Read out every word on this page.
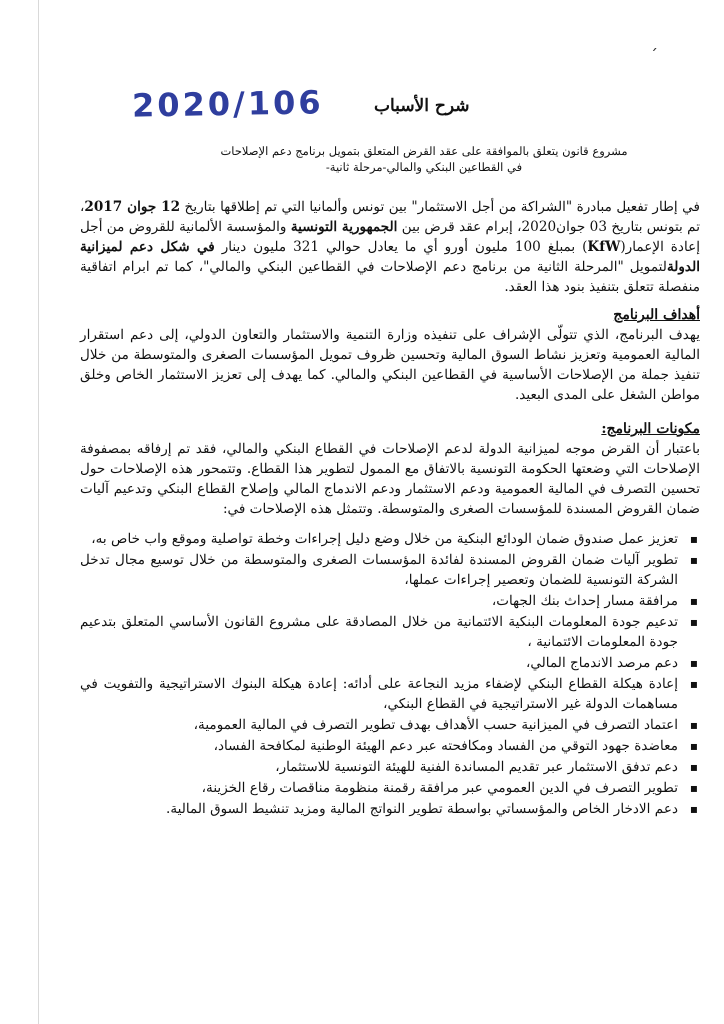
2020/106	شرح الأسباب
׳
مشروع قانون يتعلق بالموافقة على عقد القرض المتعلق بتمويل برنامج دعم الإصلاحات
في القطاعين البنكي والمالي-مرحلة ثانية-

في إطار تفعيل مبادرة "الشراكة من أجل الاستثمار" بين تونس وألمانيا التي تم إطلاقها بتاريخ 12 جوان 2017، تم بتونس بتاريخ 03 جوان2020، إبرام عقد قرض بين الجمهورية التونسية والمؤسسة الألمانية للقروض من أجل إعادة الإعمار(KfW) بمبلغ 100 مليون أورو أي ما يعادل حوالي 321 مليون دينار في شكل دعم لميزانية الدولةلتمويل "المرحلة الثانية من برنامج دعم الإصلاحات في القطاعين البنكي والمالي"، كما تم ابرام اتفاقية منفصلة تتعلق بتنفيذ بنود هذا العقد.

أهداف البرنامج

يهدف البرنامج، الذي تتولّى الإشراف على تنفيذه وزارة التنمية والاستثمار والتعاون الدولي، إلى دعم استقرار المالية العمومية وتعزيز نشاط السوق المالية وتحسين ظروف تمويل المؤسسات الصغرى والمتوسطة من خلال تنفيذ جملة من الإصلاحات الأساسية في القطاعين البنكي والمالي. كما يهدف إلى تعزيز الاستثمار الخاص وخلق مواطن الشغل على المدى البعيد.

مكونات البرنامج:

باعتبار أن القرض موجه لميزانية الدولة لدعم الإصلاحات في القطاع البنكي والمالي، فقد تم إرفاقه بمصفوفة الإصلاحات التي وضعتها الحكومة التونسية بالاتفاق مع الممول لتطوير هذا القطاع. وتتمحور هذه الإصلاحات حول تحسين التصرف في المالية العمومية ودعم الاستثمار ودعم الاندماج المالي وإصلاح القطاع البنكي وتدعيم آليات ضمان القروض المسندة للمؤسسات الصغرى والمتوسطة. وتتمثل هذه الإصلاحات في:

▪ تعزيز عمل صندوق ضمان الودائع البنكية من خلال وضع دليل إجراءات وخطة تواصلية وموقع واب خاص به،
▪ تطوير آليات ضمان القروض المسندة لفائدة المؤسسات الصغرى والمتوسطة من خلال توسيع مجال تدخل الشركة التونسية للضمان وتعصير إجراءات عملها،
▪ مرافقة مسار إحداث بنك الجهات،
▪ تدعيم جودة المعلومات البنكية الائتمانية من خلال المصادقة على مشروع القانون الأساسي المتعلق بتدعيم جودة المعلومات الائتمانية ،
▪ دعم مرصد الاندماج المالي،
▪ إعادة هيكلة القطاع البنكي لإضفاء مزيد النجاعة على أدائه: إعادة هيكلة البنوك الاستراتيجية والتفويت في مساهمات الدولة غير الاستراتيجية في القطاع البنكي،
▪ اعتماد التصرف في الميزانية حسب الأهداف بهدف تطوير التصرف في المالية العمومية،
▪ معاضدة جهود التوقي من الفساد ومكافحته عبر دعم الهيئة الوطنية لمكافحة الفساد،
▪ دعم تدفق الاستثمار عبر تقديم المساندة الفنية للهيئة التونسية للاستثمار،
▪ تطوير التصرف في الدين العمومي عبر مرافقة رقمنة منظومة مناقصات رقاع الخزينة،
▪ دعم الادخار الخاص والمؤسساتي بواسطة تطوير النواتج المالية ومزيد تنشيط السوق المالية.
